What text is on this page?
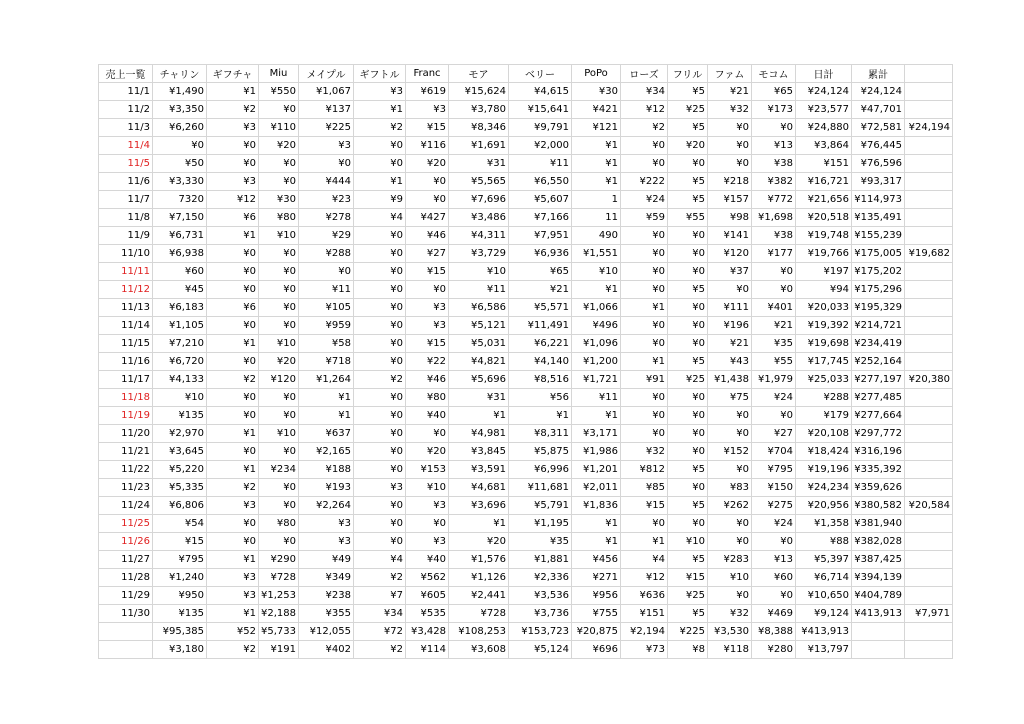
売上一覧	チャリン	ギフチャ	Miu	メイプル	ギフトル	Franc	モア	ベリー	PoPo	ローズ	フリル	ファム	モコム	日計	累計	
11/1	¥1,490	¥1	¥550	¥1,067	¥3	¥619	¥15,624	¥4,615	¥30	¥34	¥5	¥21	¥65	¥24,124	¥24,124	
11/2	¥3,350	¥2	¥0	¥137	¥1	¥3	¥3,780	¥15,641	¥421	¥12	¥25	¥32	¥173	¥23,577	¥47,701	
11/3	¥6,260	¥3	¥110	¥225	¥2	¥15	¥8,346	¥9,791	¥121	¥2	¥5	¥0	¥0	¥24,880	¥72,581	¥24,194
11/4	¥0	¥0	¥20	¥3	¥0	¥116	¥1,691	¥2,000	¥1	¥0	¥20	¥0	¥13	¥3,864	¥76,445	
11/5	¥50	¥0	¥0	¥0	¥0	¥20	¥31	¥11	¥1	¥0	¥0	¥0	¥38	¥151	¥76,596	
11/6	¥3,330	¥3	¥0	¥444	¥1	¥0	¥5,565	¥6,550	¥1	¥222	¥5	¥218	¥382	¥16,721	¥93,317	
11/7	7320	¥12	¥30	¥23	¥9	¥0	¥7,696	¥5,607	1	¥24	¥5	¥157	¥772	¥21,656	¥114,973	
11/8	¥7,150	¥6	¥80	¥278	¥4	¥427	¥3,486	¥7,166	11	¥59	¥55	¥98	¥1,698	¥20,518	¥135,491	
11/9	¥6,731	¥1	¥10	¥29	¥0	¥46	¥4,311	¥7,951	490	¥0	¥0	¥141	¥38	¥19,748	¥155,239	
11/10	¥6,938	¥0	¥0	¥288	¥0	¥27	¥3,729	¥6,936	¥1,551	¥0	¥0	¥120	¥177	¥19,766	¥175,005	¥19,682
11/11	¥60	¥0	¥0	¥0	¥0	¥15	¥10	¥65	¥10	¥0	¥0	¥37	¥0	¥197	¥175,202	
11/12	¥45	¥0	¥0	¥11	¥0	¥0	¥11	¥21	¥1	¥0	¥5	¥0	¥0	¥94	¥175,296	
11/13	¥6,183	¥6	¥0	¥105	¥0	¥3	¥6,586	¥5,571	¥1,066	¥1	¥0	¥111	¥401	¥20,033	¥195,329	
11/14	¥1,105	¥0	¥0	¥959	¥0	¥3	¥5,121	¥11,491	¥496	¥0	¥0	¥196	¥21	¥19,392	¥214,721	
11/15	¥7,210	¥1	¥10	¥58	¥0	¥15	¥5,031	¥6,221	¥1,096	¥0	¥0	¥21	¥35	¥19,698	¥234,419	
11/16	¥6,720	¥0	¥20	¥718	¥0	¥22	¥4,821	¥4,140	¥1,200	¥1	¥5	¥43	¥55	¥17,745	¥252,164	
11/17	¥4,133	¥2	¥120	¥1,264	¥2	¥46	¥5,696	¥8,516	¥1,721	¥91	¥25	¥1,438	¥1,979	¥25,033	¥277,197	¥20,380
11/18	¥10	¥0	¥0	¥1	¥0	¥80	¥31	¥56	¥11	¥0	¥0	¥75	¥24	¥288	¥277,485	
11/19	¥135	¥0	¥0	¥1	¥0	¥40	¥1	¥1	¥1	¥0	¥0	¥0	¥0	¥179	¥277,664	
11/20	¥2,970	¥1	¥10	¥637	¥0	¥0	¥4,981	¥8,311	¥3,171	¥0	¥0	¥0	¥27	¥20,108	¥297,772	
11/21	¥3,645	¥0	¥0	¥2,165	¥0	¥20	¥3,845	¥5,875	¥1,986	¥32	¥0	¥152	¥704	¥18,424	¥316,196	
11/22	¥5,220	¥1	¥234	¥188	¥0	¥153	¥3,591	¥6,996	¥1,201	¥812	¥5	¥0	¥795	¥19,196	¥335,392	
11/23	¥5,335	¥2	¥0	¥193	¥3	¥10	¥4,681	¥11,681	¥2,011	¥85	¥0	¥83	¥150	¥24,234	¥359,626	
11/24	¥6,806	¥3	¥0	¥2,264	¥0	¥3	¥3,696	¥5,791	¥1,836	¥15	¥5	¥262	¥275	¥20,956	¥380,582	¥20,584
11/25	¥54	¥0	¥80	¥3	¥0	¥0	¥1	¥1,195	¥1	¥0	¥0	¥0	¥24	¥1,358	¥381,940	
11/26	¥15	¥0	¥0	¥3	¥0	¥3	¥20	¥35	¥1	¥1	¥10	¥0	¥0	¥88	¥382,028	
11/27	¥795	¥1	¥290	¥49	¥4	¥40	¥1,576	¥1,881	¥456	¥4	¥5	¥283	¥13	¥5,397	¥387,425	
11/28	¥1,240	¥3	¥728	¥349	¥2	¥562	¥1,126	¥2,336	¥271	¥12	¥15	¥10	¥60	¥6,714	¥394,139	
11/29	¥950	¥3	¥1,253	¥238	¥7	¥605	¥2,441	¥3,536	¥956	¥636	¥25	¥0	¥0	¥10,650	¥404,789	
11/30	¥135	¥1	¥2,188	¥355	¥34	¥535	¥728	¥3,736	¥755	¥151	¥5	¥32	¥469	¥9,124	¥413,913	¥7,971
	¥95,385	¥52	¥5,733	¥12,055	¥72	¥3,428	¥108,253	¥153,723	¥20,875	¥2,194	¥225	¥3,530	¥8,388	¥413,913		
	¥3,180	¥2	¥191	¥402	¥2	¥114	¥3,608	¥5,124	¥696	¥73	¥8	¥118	¥280	¥13,797		
